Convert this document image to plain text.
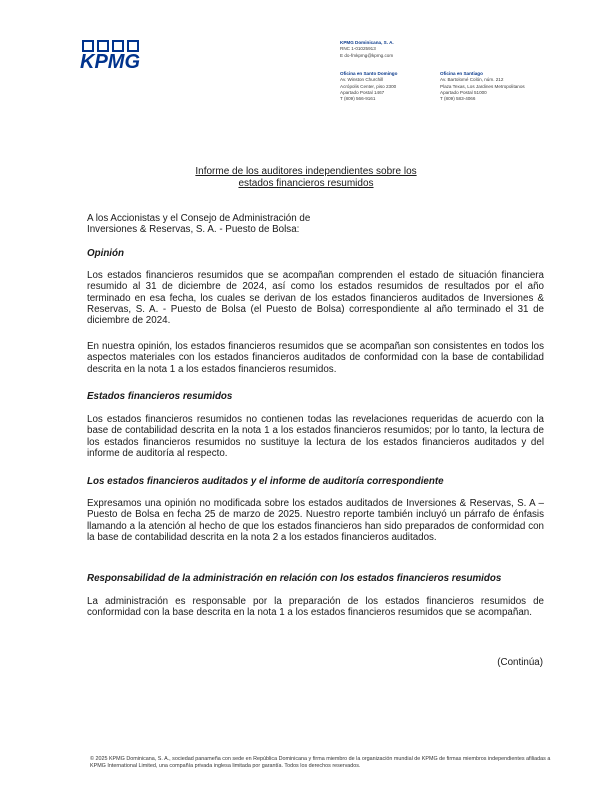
KPMG
KPMG Dominicana, S. A.
RNC 1-01025913
E do-fmkpmg@kpmg.com
Oficina en Santo Domingo
Av. Winston Churchill
Acrópolis Center, piso 2300
Apartado Postal 1467
T (809) 566-9161
Oficina en Santiago
Av. Bartolomé Colón, núm. 212
Plaza Texas, Los Jardines Metropolitanos
Apartado Postal 51000
T (809) 583-4066
Informe de los auditores independientes sobre los
estados financieros resumidos
A los Accionistas y el Consejo de Administración de
Inversiones & Reservas, S. A. - Puesto de Bolsa:
Opinión

Los estados financieros resumidos que se acompañan comprenden el estado de situación financiera resumido al 31 de diciembre de 2024, así como los estados resumidos de resultados por el año terminado en esa fecha, los cuales se derivan de los estados financieros auditados de Inversiones & Reservas, S. A. - Puesto de Bolsa (el Puesto de Bolsa) correspondiente al año terminado el 31 de diciembre de 2024.

En nuestra opinión, los estados financieros resumidos que se acompañan son consistentes en todos los aspectos materiales con los estados financieros auditados de conformidad con la base de contabilidad descrita en la nota 1 a los estados financieros resumidos.

Estados financieros resumidos

Los estados financieros resumidos no contienen todas las revelaciones requeridas de acuerdo con la base de contabilidad descrita en la nota 1 a los estados financieros resumidos; por lo tanto, la lectura de los estados financieros resumidos no sustituye la lectura de los estados financieros auditados y del informe de auditoría al respecto.

Los estados financieros auditados y el informe de auditoría correspondiente

Expresamos una opinión no modificada sobre los estados auditados de Inversiones & Reservas, S. A – Puesto de Bolsa en fecha 25 de marzo de 2025. Nuestro reporte también incluyó un párrafo de énfasis llamando a la atención al hecho de que los estados financieros han sido preparados de conformidad con la base de contabilidad descrita en la nota 2 a los estados financieros auditados.

Responsabilidad de la administración en relación con los estados financieros resumidos

La administración es responsable por la preparación de los estados financieros resumidos de conformidad con la base descrita en la nota 1 a los estados financieros resumidos que se acompañan.

(Continúa)
© 2025 KPMG Dominicana, S. A., sociedad panameña con sede en República Dominicana y firma miembro de la organización mundial de KPMG de firmas miembros independientes afiliadas a KPMG International Limited, una compañía privada inglesa limitada por garantía. Todos los derechos reservados.
